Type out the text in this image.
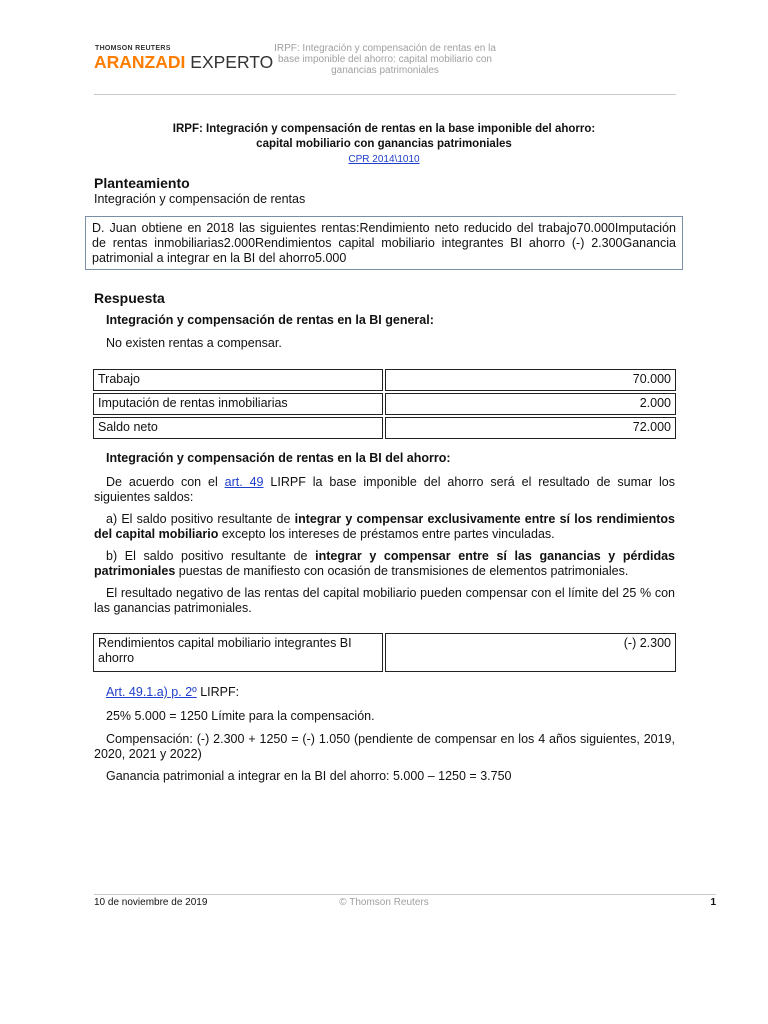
THOMSON REUTERS
ARANZADI EXPERTO
IRPF: Integración y compensación de rentas en la base imponible del ahorro: capital mobiliario con ganancias patrimoniales
IRPF: Integración y compensación de rentas en la base imponible del ahorro:
capital mobiliario con ganancias patrimoniales
CPR 2014\1010
Planteamiento
Integración y compensación de rentas
D. Juan obtiene en 2018 las siguientes rentas:Rendimiento neto reducido del trabajo70.000Imputación de rentas inmobiliarias2.000Rendimientos capital mobiliario integrantes BI ahorro (-) 2.300Ganancia patrimonial a integrar en la BI del ahorro5.000
Respuesta
Integración y compensación de rentas en la BI general:
No existen rentas a compensar.
Trabajo	70.000
Imputación de rentas inmobiliarias	2.000
Saldo neto	72.000
Integración y compensación de rentas en la BI del ahorro:
De acuerdo con el art. 49 LIRPF la base imponible del ahorro será el resultado de sumar los siguientes saldos:
a) El saldo positivo resultante de integrar y compensar exclusivamente entre sí los rendimientos del capital mobiliario excepto los intereses de préstamos entre partes vinculadas.
b) El saldo positivo resultante de integrar y compensar entre sí las ganancias y pérdidas patrimoniales puestas de manifiesto con ocasión de transmisiones de elementos patrimoniales.
El resultado negativo de las rentas del capital mobiliario pueden compensar con el límite del 25 % con las ganancias patrimoniales.
Rendimientos capital mobiliario integrantes BI ahorro	(-) 2.300
Art. 49.1.a) p. 2º LIRPF:
25% 5.000 = 1250 Límite para la compensación.
Compensación: (-) 2.300 + 1250 = (-) 1.050 (pendiente de compensar en los 4 años siguientes, 2019, 2020, 2021 y 2022)
Ganancia patrimonial a integrar en la BI del ahorro: 5.000 – 1250 = 3.750
10 de noviembre de 2019	© Thomson Reuters	1
